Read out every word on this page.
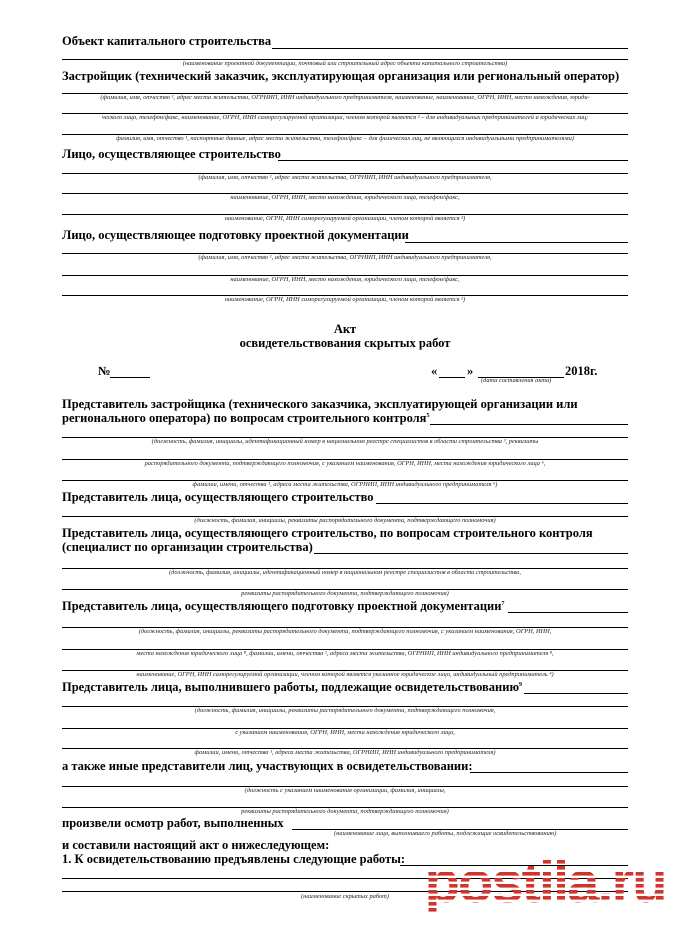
Объект капитального строительства
(наименование проектной документации, почтовый или строительный адрес объекта капитального строительства)
Застройщик (технический заказчик, эксплуатирующая организация или региональный оператор)
(фамилия, имя, отчество ¹, адрес места жительства, ОГРНИП, ИНН индивидуального предпринимателя, наименование, наименование, ОГРН, ИНН, место нахождения, юриди-
ческого лица, телефон/факс, наименование, ОГРН, ИНН саморегулируемой организации, членом которой является ² – для индивидуальных предпринимателей и юридических лиц;
фамилия, имя, отчество ¹, паспортные данные, адрес места жительства, телефон/факс – для физических лиц, не являющихся индивидуальными предпринимателями)
Лицо, осуществляющее строительство
(фамилия, имя, отчество ¹, адрес места жительства, ОГРНИП, ИНН индивидуального предпринимателя,
наименование, ОГРН, ИНН, место нахождения, юридического лица, телефон/факс,
наименование, ОГРН, ИНН саморегулируемой организации, членом которой является ²)
Лицо, осуществляющее подготовку проектной документации
(фамилия, имя, отчество ¹, адрес места жительства, ОГРНИП, ИНН индивидуального предпринимателя,
наименование, ОГРН, ИНН, место нахождения, юридического лица, телефон/факс,
наименование, ОГРН, ИНН саморегулируемой организации, членом которой является ²)
Акт
освидетельствования скрытых работ
№	« »	2018г.
(дата составления акта)
Представитель застройщика (технического заказчика, эксплуатирующей организации или
регионального оператора) по вопросам строительного контроля$^5$
(должность, фамилия, инициалы, идентификационный номер в национальном реестре специалистов в области строительства ³, реквизиты
распорядительного документа, подтверждающего полномочия, с указанием наименования, ОГРН, ИНН, места нахождения юридического лица ⁶,
фамилии, имени, отчества ¹, адреса места жительства, ОГРНИП, ИНН индивидуального предпринимателя ⁶)
Представитель лица, осуществляющего строительство
(должность, фамилия, инициалы, реквизиты распорядительного документа, подтверждающего полномочия)
Представитель лица, осуществляющего строительство, по вопросам строительного контроля
(специалист по организации строительства)
(должность, фамилия, инициалы, идентификационный номер в национальном реестре специалистов в области строительства,
реквизиты распорядительного документа, подтверждающего полномочия)
Представитель лица, осуществляющего подготовку проектной документации$^7$
(должность, фамилия, инициалы, реквизиты распорядительного документа, подтверждающего полномочия, с указанием наименования, ОГРН, ИНН,
места нахождения юридического лица ⁸, фамилии, имени, отчества ¹, адреса места жительства, ОГРНИП, ИНН индивидуального предпринимателя ⁸,
наименование, ОГРН, ИНН саморегулируемой организации, членом которой является указанное юридическое лицо, индивидуальный предприниматель ⁴)
Представитель лица, выполнившего работы, подлежащие освидетельствованию$^9$
(должность, фамилия, инициалы, реквизиты распорядительного документа, подтверждающего полномочия,
с указанием наименования, ОГРН, ИНН, места нахождения юридического лица,
фамилии, имени, отчества ¹, адреса места жительства, ОГРНИП, ИНН индивидуального предпринимателя)
а также иные представители лиц, участвующих в освидетельствовании:
(должность с указанием наименования организации, фамилия, инициалы,
реквизиты распорядительного документа, подтверждающего полномочия)
произвели осмотр работ, выполненных
(наименование лица, выполнившего работы, подлежащие освидетельствованию)
и составили настоящий акт о нижеследующем:
1. К освидетельствованию предъявлены следующие работы:
(наименование скрытых работ) postila.ru
